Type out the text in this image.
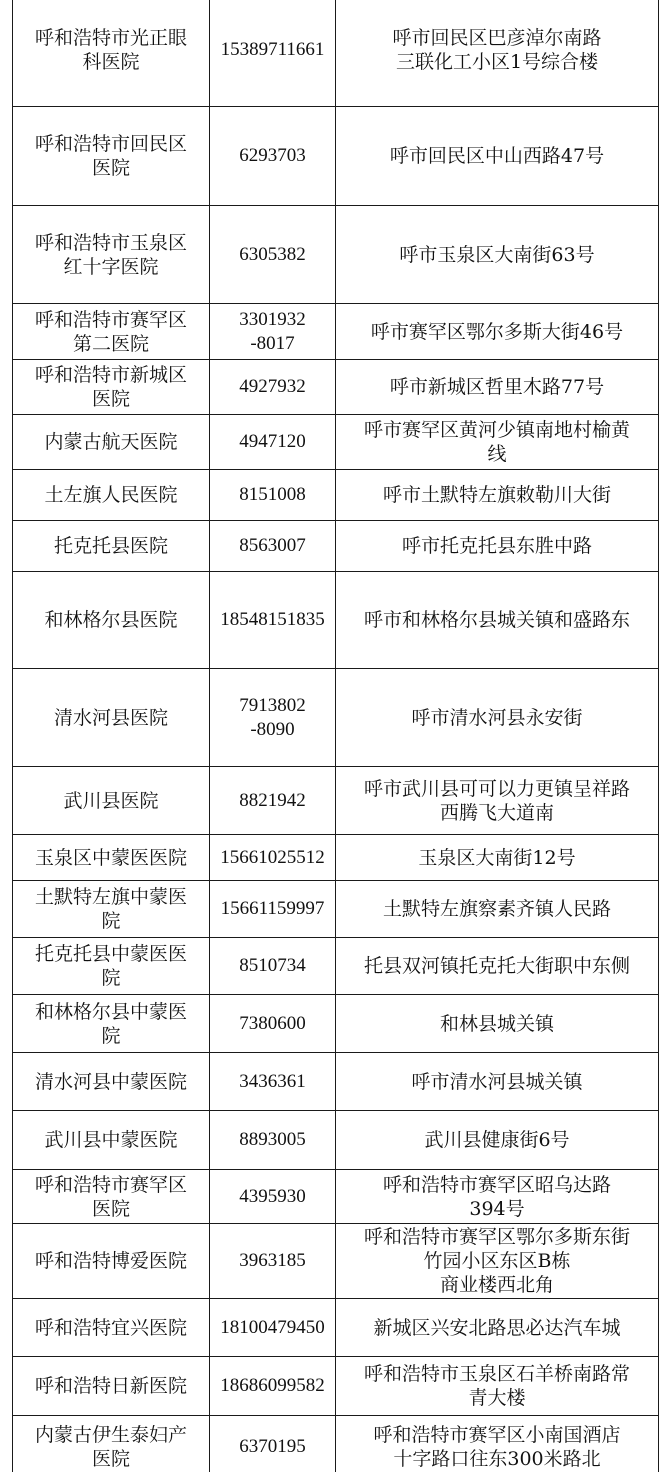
呼和浩特市光正眼
科医院	15389711661	呼市回民区巴彦淖尔南路
三联化工小区1号综合楼

呼和浩特市回民区
医院	6293703	呼市回民区中山西路47号

呼和浩特市玉泉区
红十字医院	6305382	呼市玉泉区大南街63号

呼和浩特市赛罕区
第二医院	3301932
-8017	呼市赛罕区鄂尔多斯大街46号

呼和浩特市新城区
医院	4927932	呼市新城区哲里木路77号

内蒙古航天医院	4947120	呼市赛罕区黄河少镇南地村榆黄
线

土左旗人民医院	8151008	呼市土默特左旗敕勒川大街

托克托县医院	8563007	呼市托克托县东胜中路

和林格尔县医院	18548151835	呼市和林格尔县城关镇和盛路东

清水河县医院	7913802
-8090	呼市清水河县永安街

武川县医院	8821942	呼市武川县可可以力更镇呈祥路
西腾飞大道南

玉泉区中蒙医医院	15661025512	玉泉区大南街12号

土默特左旗中蒙医
院	15661159997	土默特左旗察素齐镇人民路

托克托县中蒙医医
院	8510734	托县双河镇托克托大街职中东侧

和林格尔县中蒙医
院	7380600	和林县城关镇

清水河县中蒙医院	3436361	呼市清水河县城关镇

武川县中蒙医院	8893005	武川县健康街6号

呼和浩特市赛罕区
医院	4395930	呼和浩特市赛罕区昭乌达路
394号

呼和浩特博爱医院	3963185	呼和浩特市赛罕区鄂尔多斯东街
竹园小区东区B栋
商业楼西北角

呼和浩特宜兴医院	18100479450	新城区兴安北路思必达汽车城

呼和浩特日新医院	18686099582	呼和浩特市玉泉区石羊桥南路常
青大楼

内蒙古伊生泰妇产
医院	6370195	呼和浩特市赛罕区小南国酒店
十字路口往东300米路北
